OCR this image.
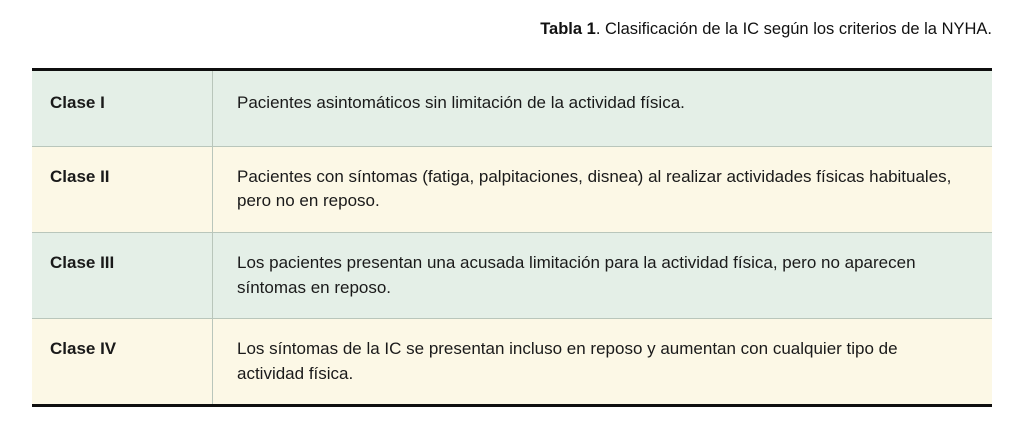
Tabla 1. Clasificación de la IC según los criterios de la NYHA.
Clase I	Pacientes asintomáticos sin limitación de la actividad física.

Clase II	Pacientes con síntomas (fatiga, palpitaciones, disnea) al realizar actividades físicas habituales, pero no en reposo.

Clase III	Los pacientes presentan una acusada limitación para la actividad física, pero no aparecen síntomas en reposo.

Clase IV	Los síntomas de la IC se presentan incluso en reposo y aumentan con cualquier tipo de actividad física.
